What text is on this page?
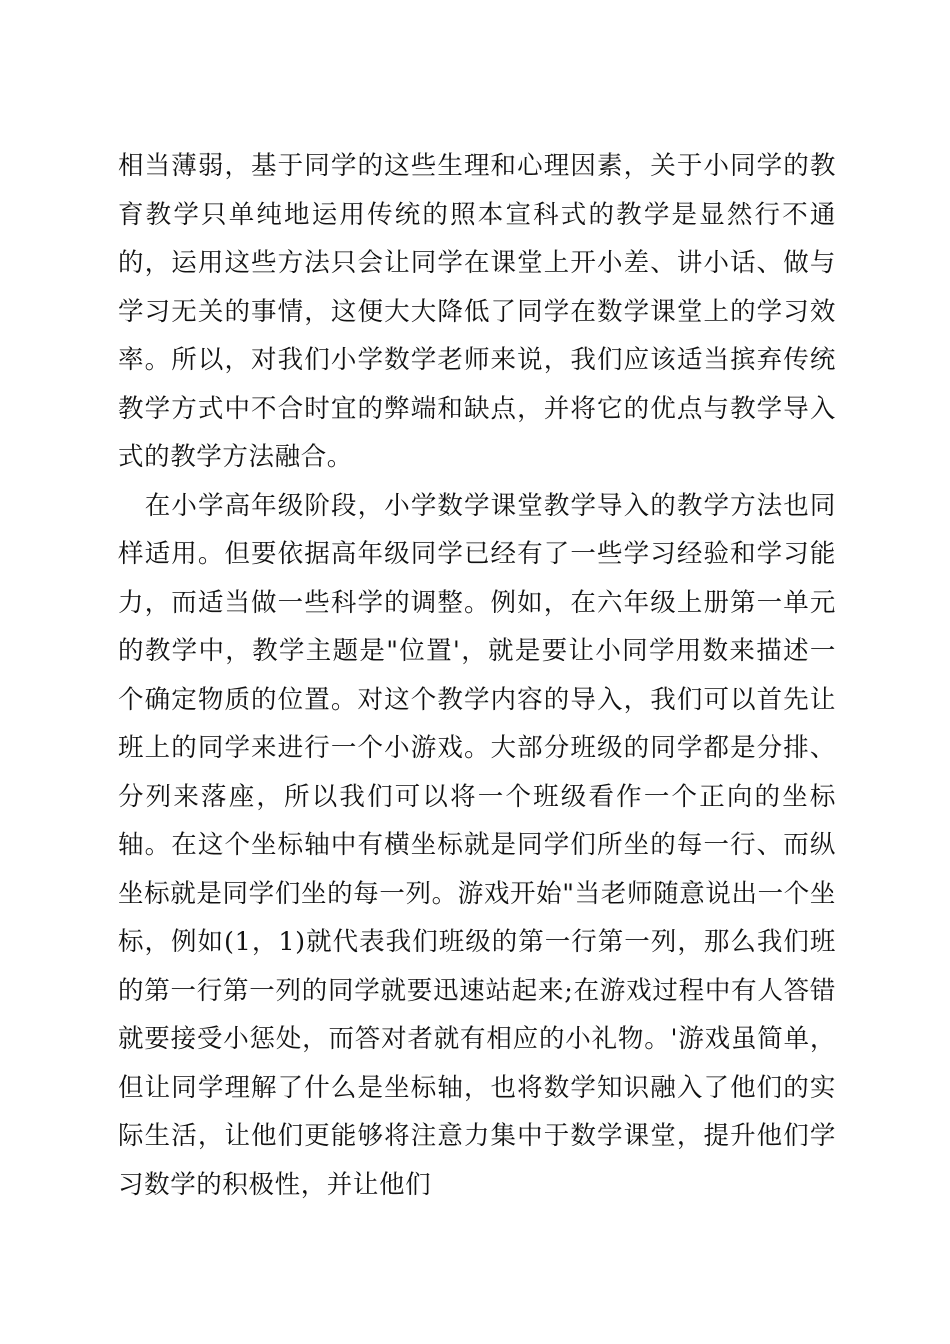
相当薄弱，基于同学的这些生理和心理因素，关于小同学的教育教学只单纯地运用传统的照本宣科式的教学是显然行不通的，运用这些方法只会让同学在课堂上开小差、讲小话、做与学习无关的事情，这便大大降低了同学在数学课堂上的学习效率。所以，对我们小学数学老师来说，我们应该适当摈弃传统教学方式中不合时宜的弊端和缺点，并将它的优点与教学导入式的教学方法融合。

在小学高年级阶段，小学数学课堂教学导入的教学方法也同样适用。但要依据高年级同学已经有了一些学习经验和学习能力，而适当做一些科学的调整。例如，在六年级上册第一单元的教学中，教学主题是"位置'，就是要让小同学用数来描述一个确定物质的位置。对这个教学内容的导入，我们可以首先让班上的同学来进行一个小游戏。大部分班级的同学都是分排、分列来落座，所以我们可以将一个班级看作一个正向的坐标轴。在这个坐标轴中有横坐标就是同学们所坐的每一行、而纵坐标就是同学们坐的每一列。游戏开始"当老师随意说出一个坐标，例如(1，1)就代表我们班级的第一行第一列，那么我们班的第一行第一列的同学就要迅速站起来;在游戏过程中有人答错就要接受小惩处，而答对者就有相应的小礼物。'游戏虽简单，但让同学理解了什么是坐标轴，也将数学知识融入了他们的实际生活，让他们更能够将注意力集中于数学课堂，提升他们学习数学的积极性，并让他们
